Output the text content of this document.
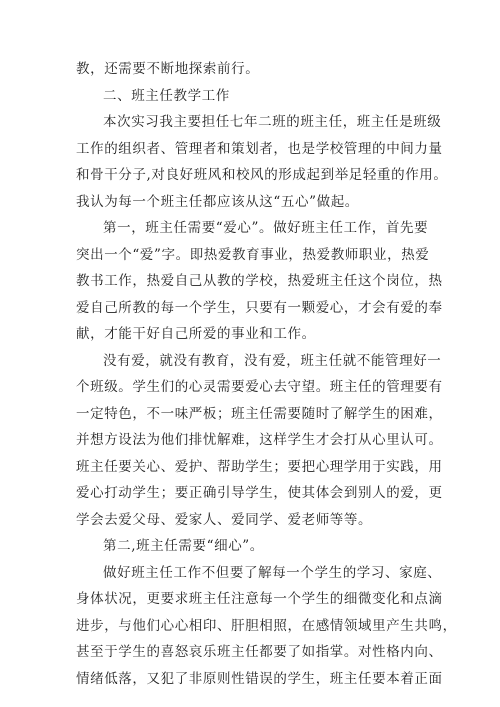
教，还需要不断地探索前行。
二、班主任教学工作
本次实习我主要担任七年二班的班主任，班主任是班级
工作的组织者、管理者和策划者，也是学校管理的中间力量
和骨干分子,对良好班风和校风的形成起到举足轻重的作用。
我认为每一个班主任都应该从这“五心”做起。
第一，班主任需要“爱心”。做好班主任工作，首先要
突出一个“爱”字。即热爱教育事业，热爱教师职业，热爱
教书工作，热爱自己从教的学校，热爱班主任这个岗位，热
爱自己所教的每一个学生，只要有一颗爱心，才会有爱的奉
献，才能干好自己所爱的事业和工作。
没有爱，就没有教育，没有爱，班主任就不能管理好一
个班级。学生们的心灵需要爱心去守望。班主任的管理要有
一定特色，不一味严板；班主任需要随时了解学生的困难，
并想方设法为他们排忧解难，这样学生才会打从心里认可。
班主任要关心、爱护、帮助学生；要把心理学用于实践，用
爱心打动学生；要正确引导学生，使其体会到别人的爱，更
学会去爱父母、爱家人、爱同学、爱老师等等。
第二,班主任需要“细心”。
做好班主任工作不但要了解每一个学生的学习、家庭、
身体状况，更要求班主任注意每一个学生的细微变化和点滴
进步，与他们心心相印、肝胆相照，在感情领域里产生共鸣，
甚至于学生的喜怒哀乐班主任都要了如指掌。对性格内向、
情绪低落，又犯了非原则性错误的学生，班主任要本着正面
